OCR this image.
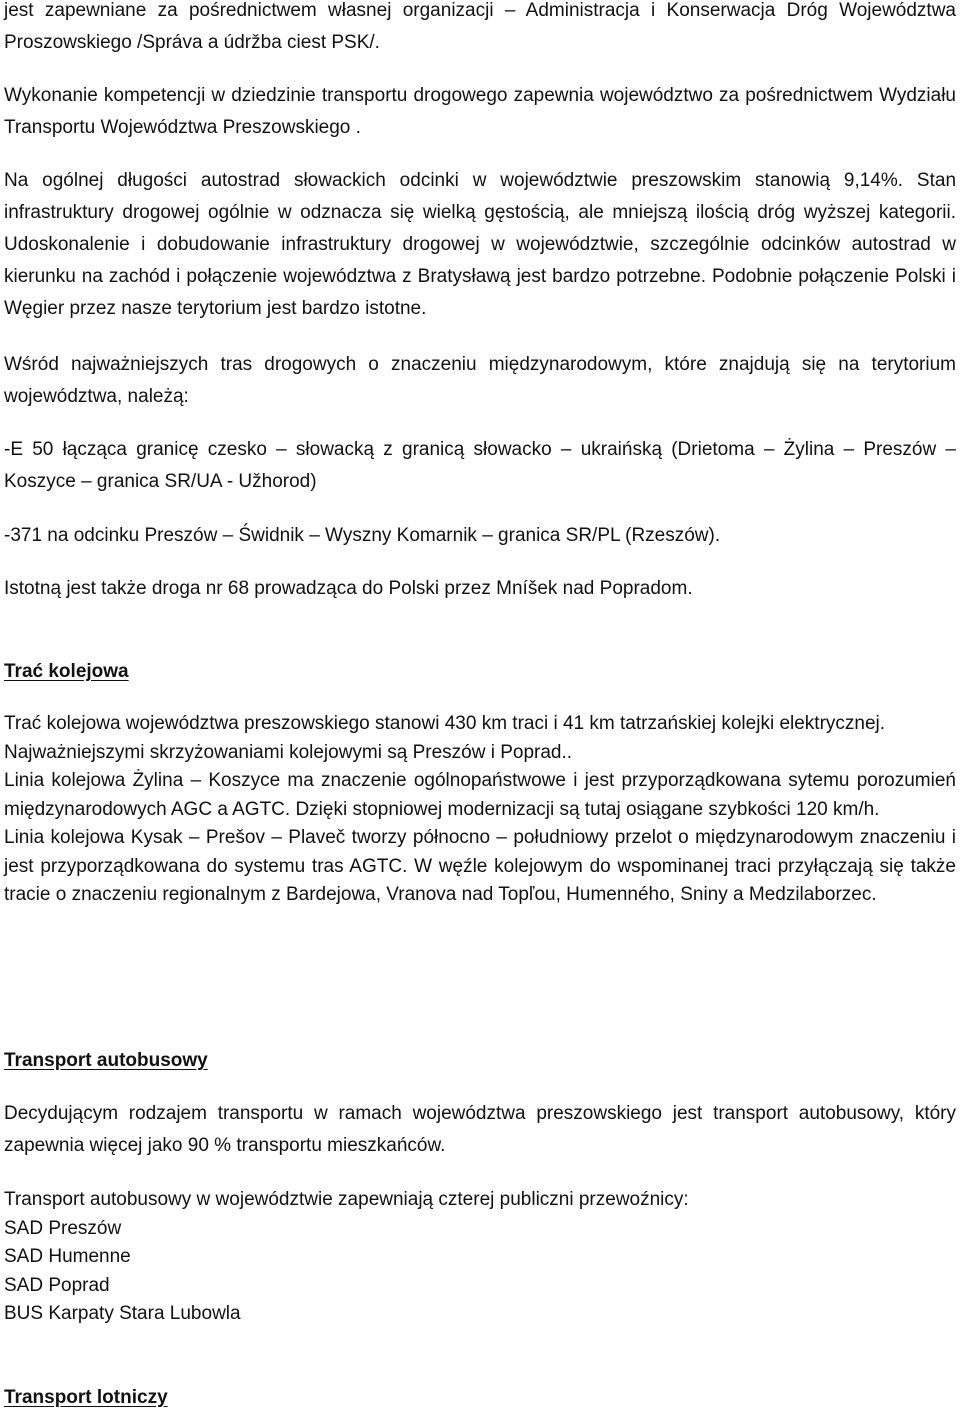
jest zapewniane za pośrednictwem własnej organizacji – Administracja i Konserwacja Dróg Województwa Proszowskiego /Správa a údržba ciest PSK/.

Wykonanie kompetencji w dziedzinie transportu drogowego zapewnia województwo za pośrednictwem Wydziału Transportu Województwa Preszowskiego .

Na ogólnej długości autostrad słowackich odcinki w województwie preszowskim stanowią 9,14%. Stan infrastruktury drogowej ogólnie w odznacza się wielką gęstością, ale mniejszą ilością dróg wyższej kategorii. Udoskonalenie i dobudowanie infrastruktury drogowej w województwie, szczególnie odcinków autostrad w kierunku na zachód i połączenie województwa z Bratysławą jest bardzo potrzebne. Podobnie połączenie Polski i Węgier przez nasze terytorium jest bardzo istotne.

Wśród najważniejszych tras drogowych o znaczeniu międzynarodowym, które znajdują się na terytorium województwa, należą:

-E 50 łącząca granicę czesko – słowacką z granicą słowacko – ukraińską (Drietoma – Żylina – Preszów – Koszyce – granica SR/UA - Užhorod)

-371 na odcinku Preszów – Świdnik – Wyszny Komarnik – granica SR/PL (Rzeszów).

Istotną jest także droga nr 68 prowadząca do Polski przez Mníšek nad Popradom.

Trać kolejowa

Trać kolejowa województwa preszowskiego stanowi 430 km traci i 41 km tatrzańskiej kolejki elektrycznej.
Najważniejszymi skrzyżowaniami kolejowymi są Preszów i Poprad..
Linia kolejowa Żylina – Koszyce ma znaczenie ogólnopaństwowe i jest przyporządkowana sytemu porozumień międzynarodowych AGC a AGTC. Dzięki stopniowej modernizacji są tutaj osiągane szybkości 120 km/h.
Linia kolejowa Kysak – Prešov – Plaveč tworzy północno – południowy przelot o międzynarodowym znaczeniu i jest przyporządkowana do systemu tras AGTC. W węźle kolejowym do wspominanej traci przyłączają się także tracie o znaczeniu regionalnym z Bardejowa, Vranova nad Topľou, Humenného, Sniny a Medzilaborzec.

Transport autobusowy

Decydującym rodzajem transportu w ramach województwa preszowskiego jest transport autobusowy, który zapewnia więcej jako 90 % transportu mieszkańców.

Transport autobusowy w województwie zapewniają czterej publiczni przewoźnicy:
SAD Preszów
SAD Humenne
SAD Poprad
BUS Karpaty Stara Lubowla

Transport lotniczy
